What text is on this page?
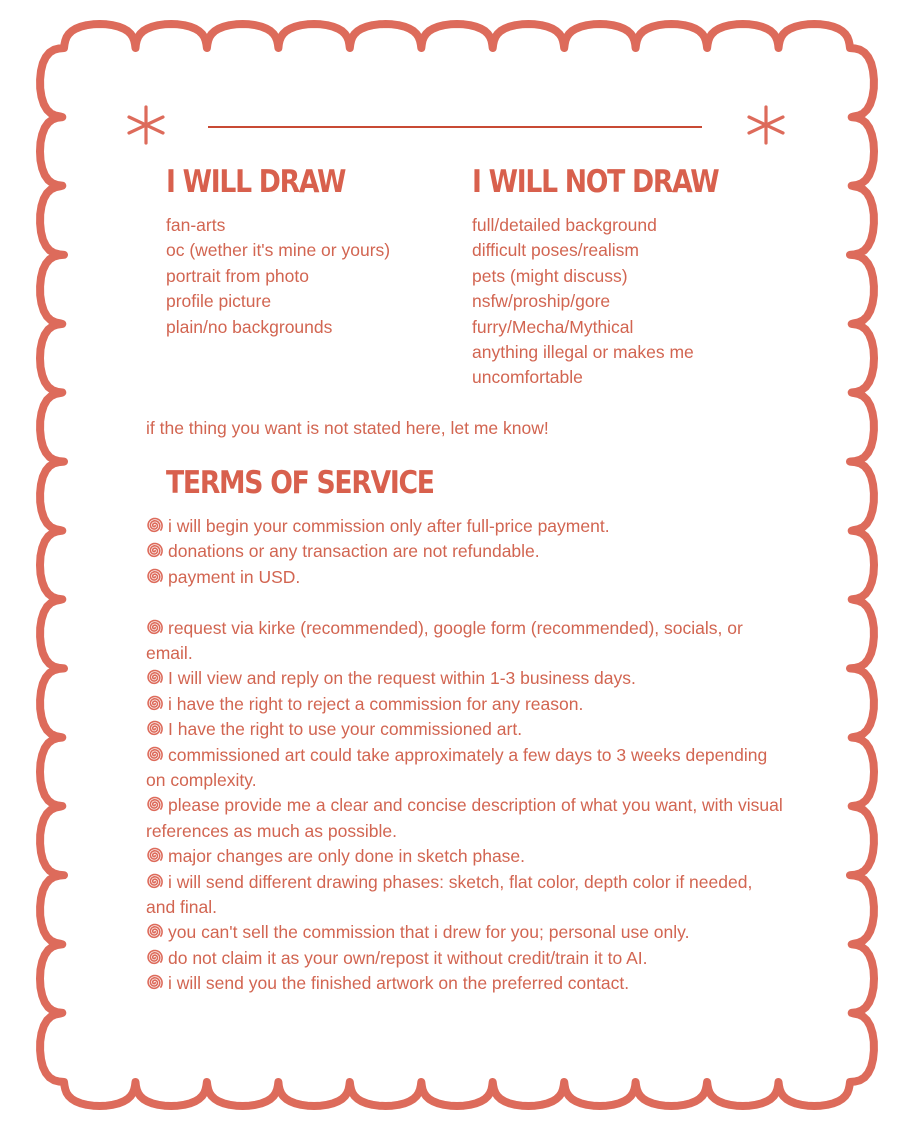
I WILL DRAW
fan-arts
oc (wether it's mine or yours)
portrait from photo
profile picture
plain/no backgrounds
I WILL NOT DRAW
full/detailed background
difficult poses/realism
pets (might discuss)
nsfw/proship/gore
furry/Mecha/Mythical
anything illegal or makes me
uncomfortable
if the thing you want is not stated here, let me know!
TERMS OF SERVICE
i will begin your commission only after full-price payment.
donations or any transaction are not refundable.
payment in USD.
request via kirke (recommended), google form (recommended), socials, or email.
I will view and reply on the request within 1-3 business days.
i have the right to reject a commission for any reason.
I have the right to use your commissioned art.
commissioned art could take approximately a few days to 3 weeks depending on complexity.
please provide me a clear and concise description of what you want, with visual references as much as possible.
major changes are only done in sketch phase.
i will send different drawing phases: sketch, flat color, depth color if needed, and final.
you can't sell the commission that i drew for you; personal use only.
do not claim it as your own/repost it without credit/train it to AI.
i will send you the finished artwork on the preferred contact.
